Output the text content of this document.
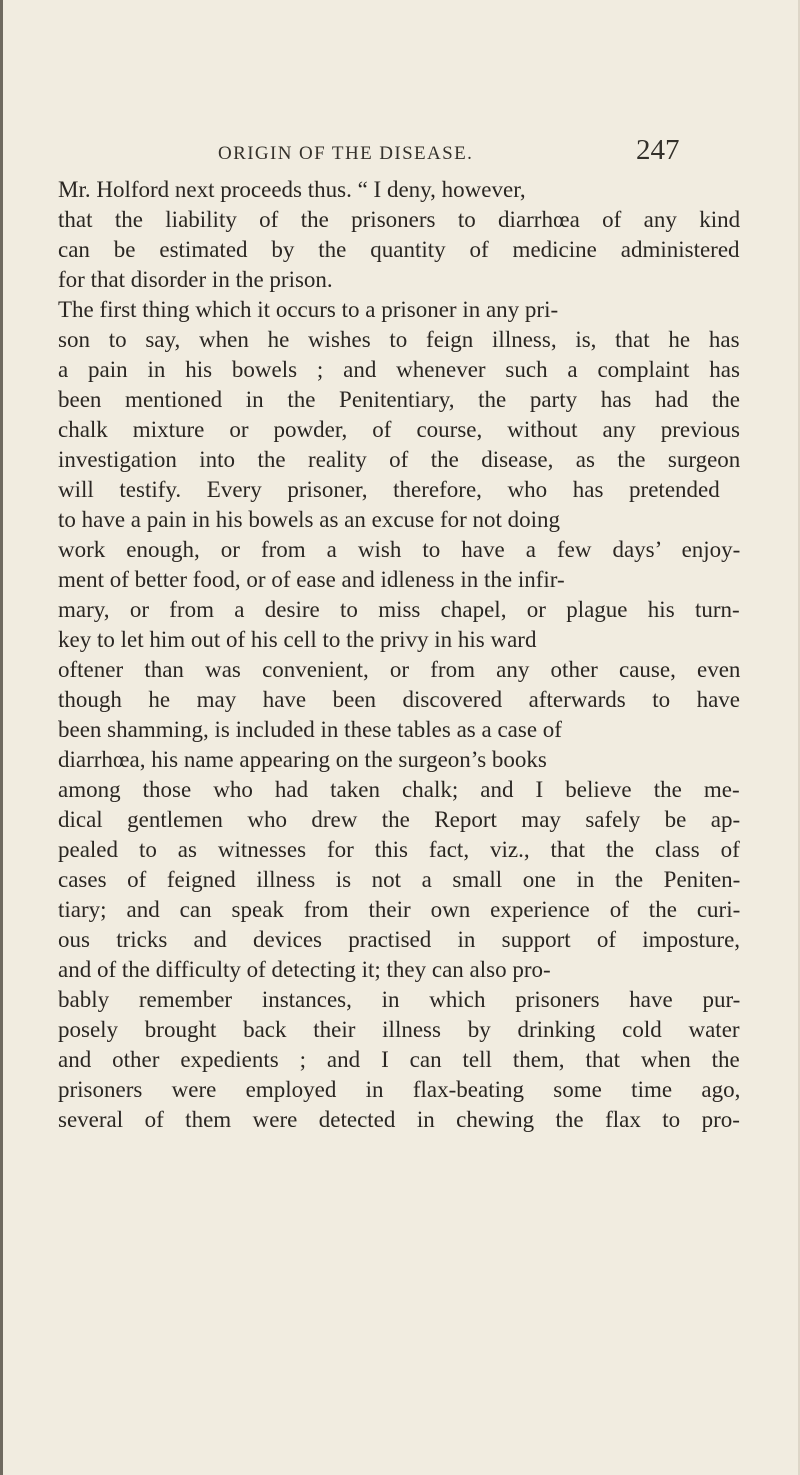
ORIGIN OF THE DISEASE.	247
Mr. Holford next proceeds thus. “ I deny, however,
that the liability of the prisoners to diarrhœa of any kind
can be estimated by the quantity of medicine administered
for that disorder in the prison.
The first thing which it occurs to a prisoner in any pri-
son to say, when he wishes to feign illness, is, that he has
a pain in his bowels ; and whenever such a complaint has
been mentioned in the Penitentiary, the party has had the
chalk mixture or powder, of course, without any previous
investigation into the reality of the disease, as the surgeon
will testify. Every prisoner, therefore, who has pretended
to have a pain in his bowels as an excuse for not doing
work enough, or from a wish to have a few days’ enjoy-
ment of better food, or of ease and idleness in the infir-
mary, or from a desire to miss chapel, or plague his turn-
key to let him out of his cell to the privy in his ward
oftener than was convenient, or from any other cause, even
though he may have been discovered afterwards to have
been shamming, is included in these tables as a case of
diarrhœa, his name appearing on the surgeon’s books
among those who had taken chalk; and I believe the me-
dical gentlemen who drew the Report may safely be ap-
pealed to as witnesses for this fact, viz., that the class of
cases of feigned illness is not a small one in the Peniten-
tiary; and can speak from their own experience of the curi-
ous tricks and devices practised in support of imposture,
and of the difficulty of detecting it; they can also pro-
bably remember instances, in which prisoners have pur-
posely brought back their illness by drinking cold water
and other expedients ; and I can tell them, that when the
prisoners were employed in flax-beating some time ago,
several of them were detected in chewing the flax to pro-
